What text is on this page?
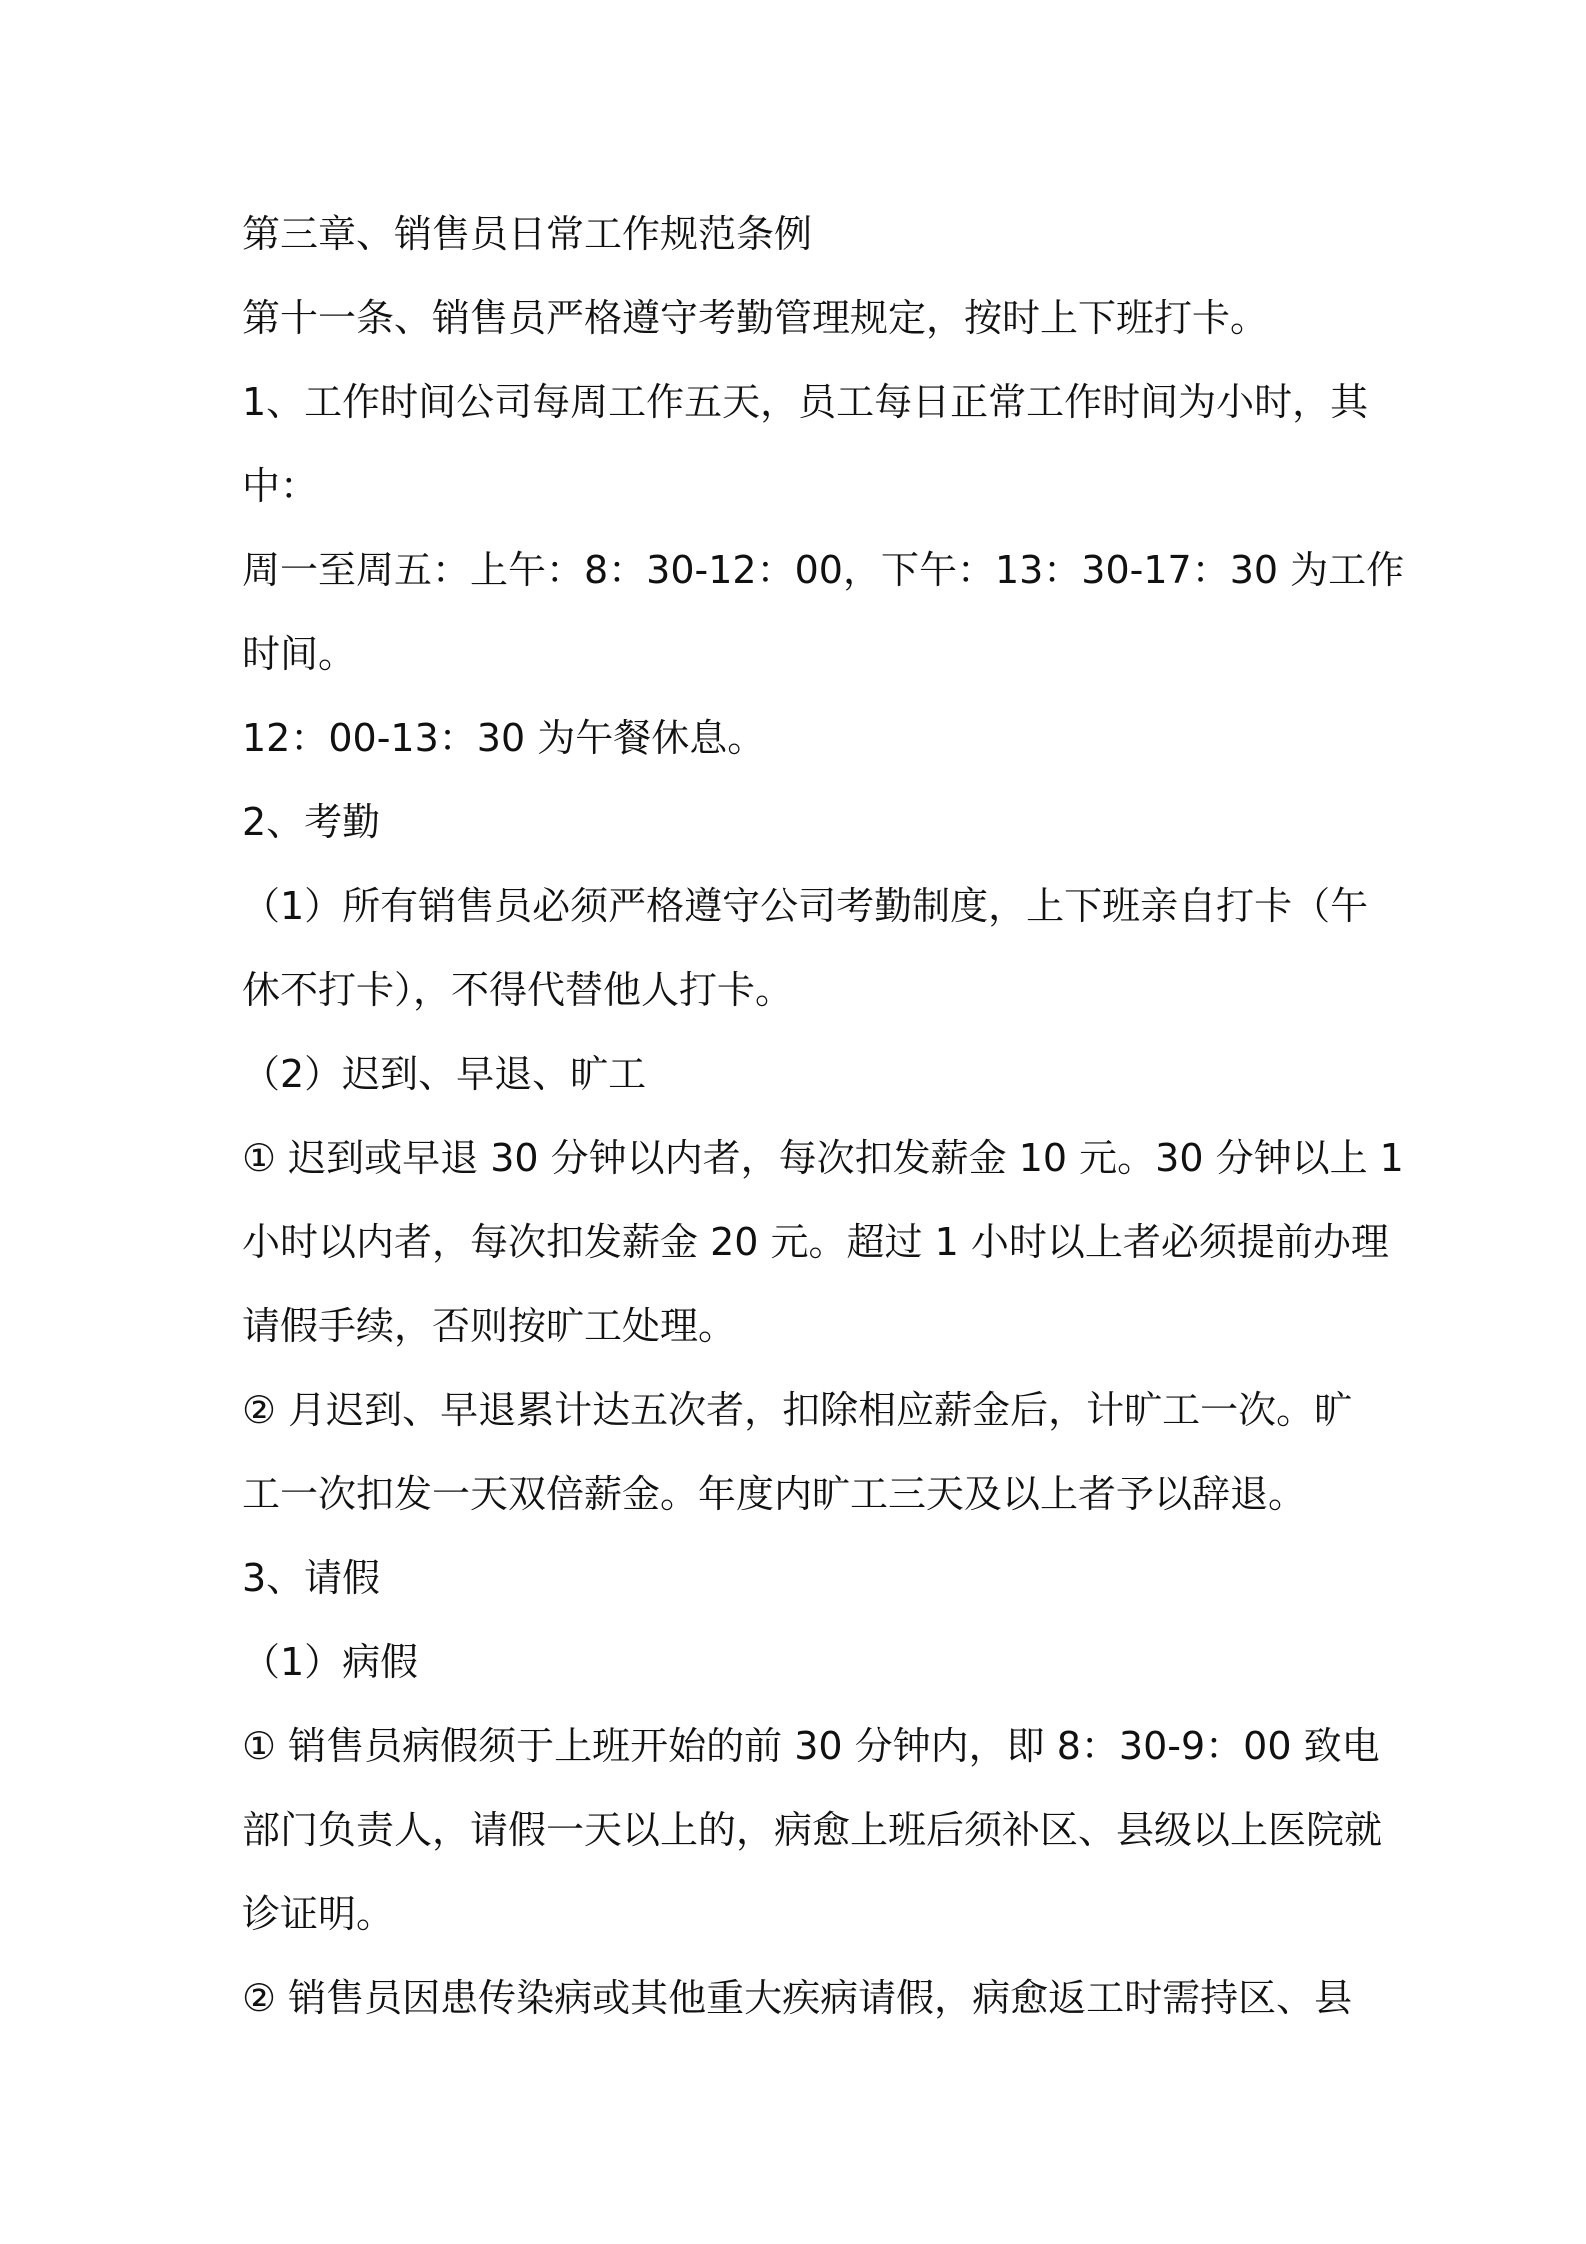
第三章、销售员日常工作规范条例
第十一条、销售员严格遵守考勤管理规定，按时上下班打卡。
1、工作时间公司每周工作五天，员工每日正常工作时间为小时，其
中：
周一至周五：上午：8：30-12：00，下午：13：30-17：30 为工作
时间。
12：00-13：30 为午餐休息。
2、考勤
（1）所有销售员必须严格遵守公司考勤制度，上下班亲自打卡（午
休不打卡），不得代替他人打卡。
（2）迟到、早退、旷工
① 迟到或早退 30 分钟以内者，每次扣发薪金 10 元。30 分钟以上 1
小时以内者，每次扣发薪金 20 元。超过 1 小时以上者必须提前办理
请假手续，否则按旷工处理。
② 月迟到、早退累计达五次者，扣除相应薪金后，计旷工一次。旷
工一次扣发一天双倍薪金。年度内旷工三天及以上者予以辞退。
3、请假
（1）病假
① 销售员病假须于上班开始的前 30 分钟内，即 8：30-9：00 致电
部门负责人，请假一天以上的，病愈上班后须补区、县级以上医院就
诊证明。
② 销售员因患传染病或其他重大疾病请假，病愈返工时需持区、县
